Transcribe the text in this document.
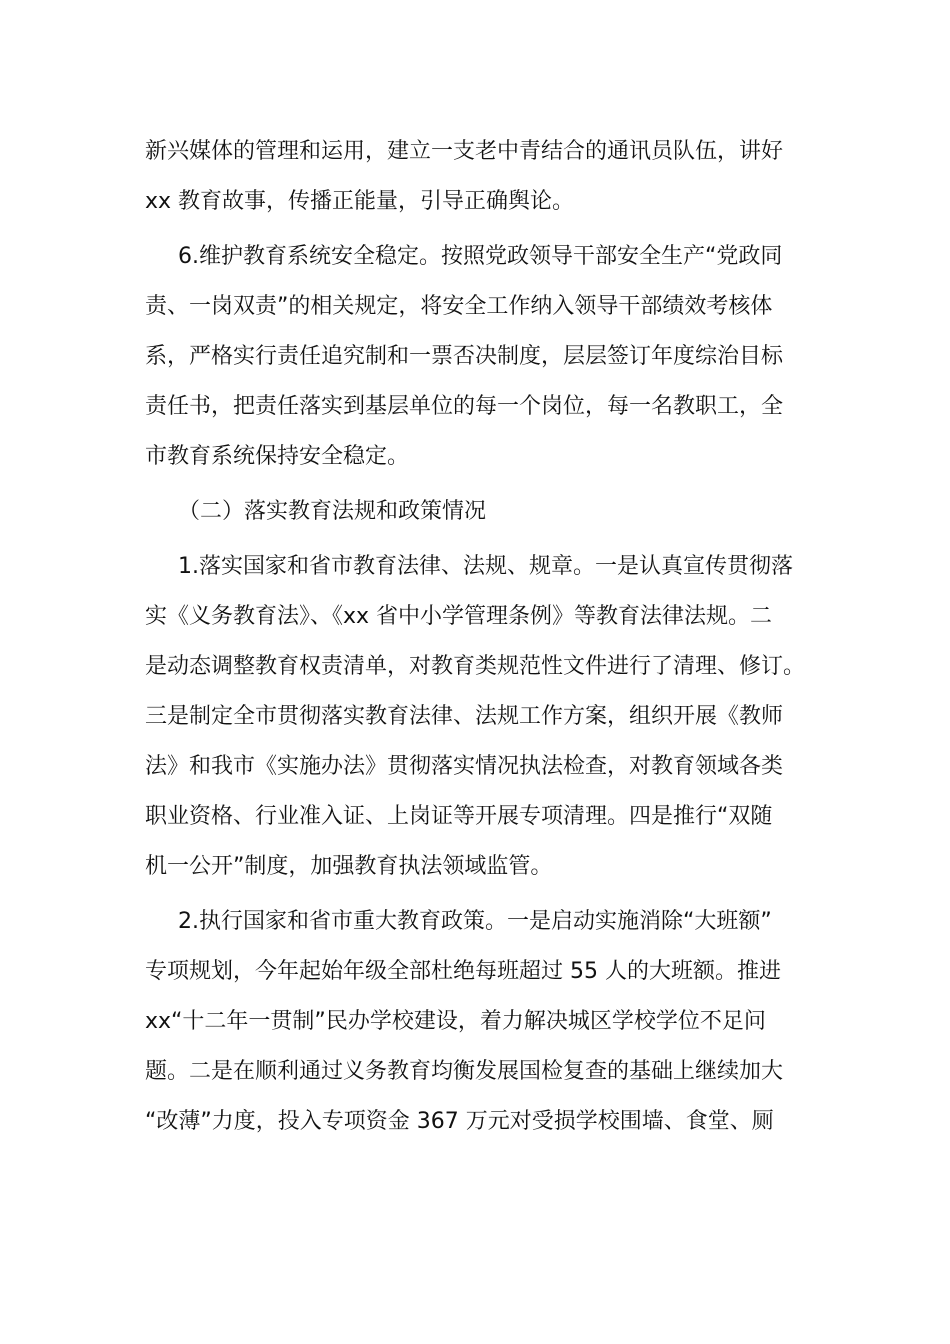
新兴媒体的管理和运用，建立一支老中青结合的通讯员队伍，讲好
xx 教育故事，传播正能量，引导正确舆论。
6.维护教育系统安全稳定。按照党政领导干部安全生产“党政同
责、一岗双责”的相关规定，将安全工作纳入领导干部绩效考核体
系，严格实行责任追究制和一票否决制度，层层签订年度综治目标
责任书，把责任落实到基层单位的每一个岗位，每一名教职工，全
市教育系统保持安全稳定。
（二）落实教育法规和政策情况
1.落实国家和省市教育法律、法规、规章。一是认真宣传贯彻落
实《义务教育法》、《xx 省中小学管理条例》等教育法律法规。二
是动态调整教育权责清单，对教育类规范性文件进行了清理、修订。
三是制定全市贯彻落实教育法律、法规工作方案，组织开展《教师
法》和我市《实施办法》贯彻落实情况执法检查，对教育领域各类
职业资格、行业准入证、上岗证等开展专项清理。四是推行“双随
机一公开”制度，加强教育执法领域监管。
2.执行国家和省市重大教育政策。一是启动实施消除“大班额”
专项规划，今年起始年级全部杜绝每班超过 55 人的大班额。推进
xx“十二年一贯制”民办学校建设，着力解决城区学校学位不足问
题。二是在顺利通过义务教育均衡发展国检复查的基础上继续加大
“改薄”力度，投入专项资金 367 万元对受损学校围墙、食堂、厕
